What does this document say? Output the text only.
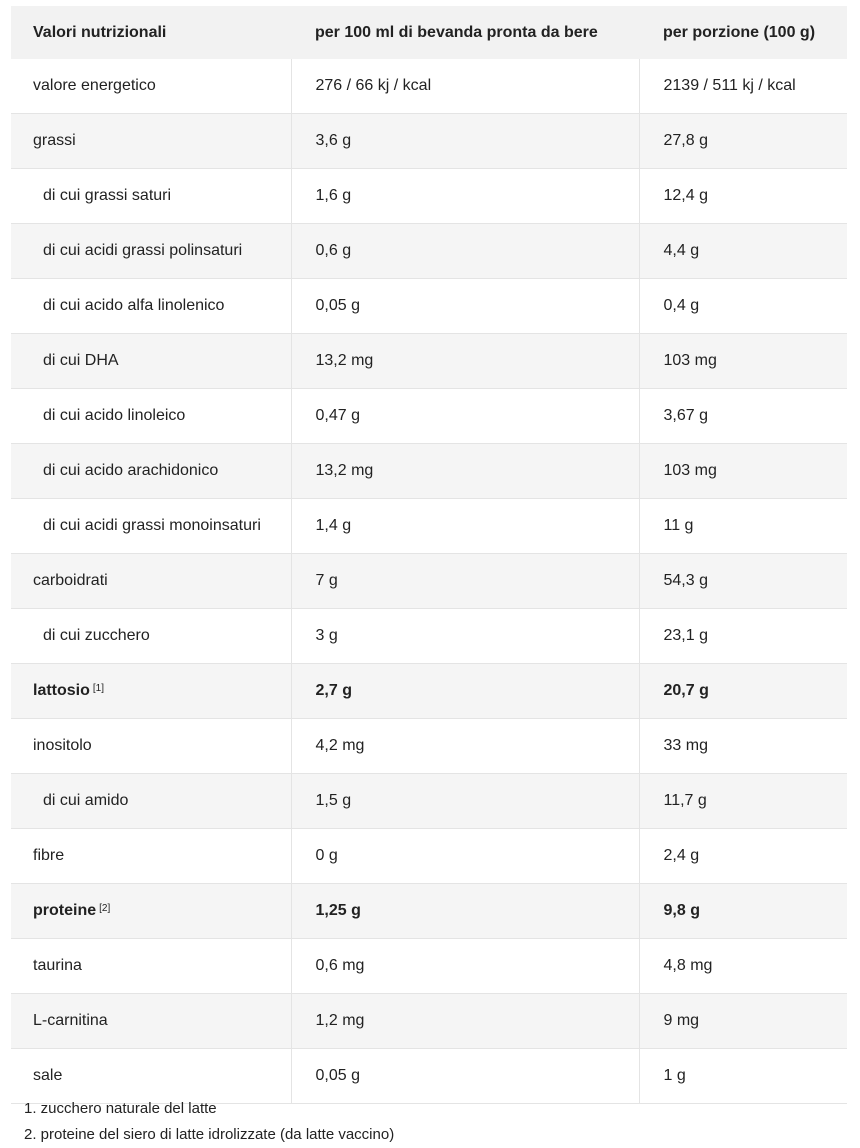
Valori nutrizionali	per 100 ml di bevanda pronta da bere	per porzione (100 g)
valore energetico	276 / 66 kj / kcal	2139 / 511 kj / kcal
grassi	3,6 g	27,8 g
di cui grassi saturi	1,6 g	12,4 g
di cui acidi grassi polinsaturi	0,6 g	4,4 g
di cui acido alfa linolenico	0,05 g	0,4 g
di cui DHA	13,2 mg	103 mg
di cui acido linoleico	0,47 g	3,67 g
di cui acido arachidonico	13,2 mg	103 mg
di cui acidi grassi monoinsaturi	1,4 g	11 g
carboidrati	7 g	54,3 g
di cui zucchero	3 g	23,1 g
lattosio [1]	2,7 g	20,7 g
inositolo	4,2 mg	33 mg
di cui amido	1,5 g	11,7 g
fibre	0 g	2,4 g
proteine [2]	1,25 g	9,8 g
taurina	0,6 mg	4,8 mg
L-carnitina	1,2 mg	9 mg
sale	0,05 g	1 g
1. zucchero naturale del latte
2. proteine del siero di latte idrolizzate (da latte vaccino)
